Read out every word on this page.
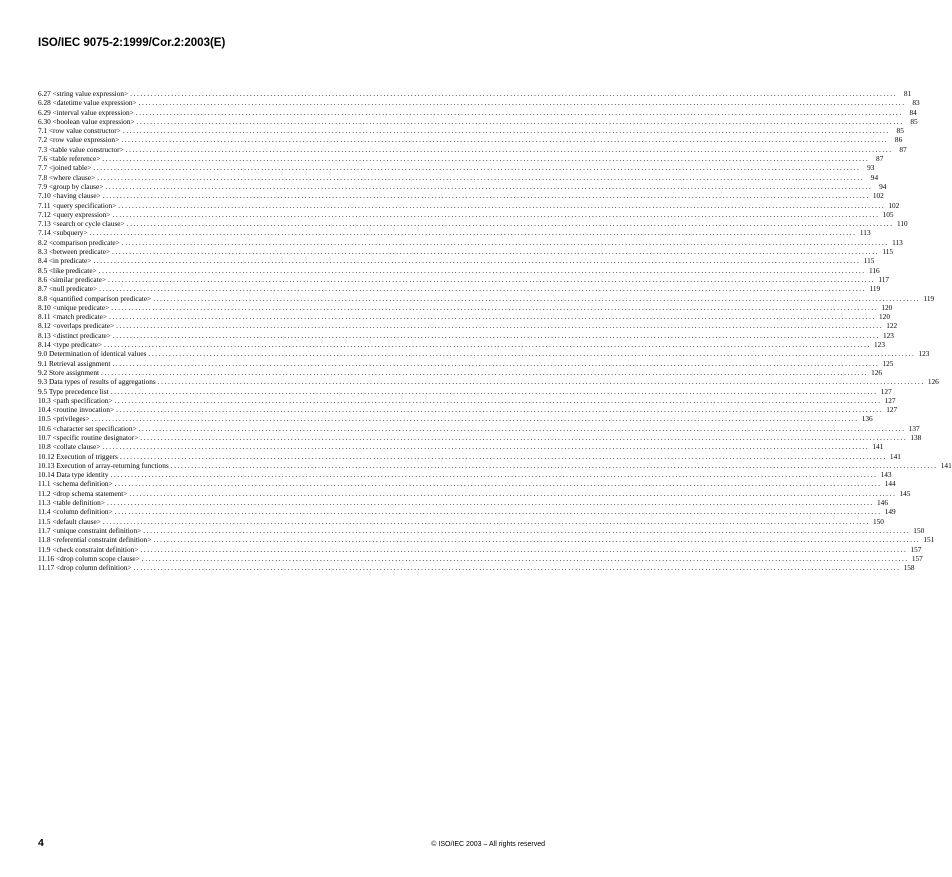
ISO/IEC 9075-2:1999/Cor.2:2003(E)
6.27 <string value expression> ................................................................................................................................................................................................................................ 81
6.28 <datetime value expression> ................................................................................................................................................................................................................................ 83
6.29 <interval value expression> ................................................................................................................................................................................................................................ 84
6.30 <boolean value expression> ................................................................................................................................................................................................................................ 85
7.1 <row value constructor> ................................................................................................................................................................................................................................ 85
7.2 <row value expression> ................................................................................................................................................................................................................................ 86
7.3 <table value constructor> ................................................................................................................................................................................................................................ 87
7.6 <table reference> ................................................................................................................................................................................................................................ 87
7.7 <joined table> ................................................................................................................................................................................................................................ 93
7.8 <where clause> ................................................................................................................................................................................................................................ 94
7.9 <group by clause> ................................................................................................................................................................................................................................ 94
7.10 <having clause> ................................................................................................................................................................................................................................ 102
7.11 <query specification> ................................................................................................................................................................................................................................ 102
7.12 <query expression> ................................................................................................................................................................................................................................ 105
7.13 <search or cycle clause> ................................................................................................................................................................................................................................ 110
7.14 <subquery> ................................................................................................................................................................................................................................ 113
8.2 <comparison predicate> ................................................................................................................................................................................................................................ 113
8.3 <between predicate> ................................................................................................................................................................................................................................ 115
8.4 <in predicate> ................................................................................................................................................................................................................................ 115
8.5 <like predicate> ................................................................................................................................................................................................................................ 116
8.6 <similar predicate> ................................................................................................................................................................................................................................ 117
8.7 <null predicate> ................................................................................................................................................................................................................................ 119
8.8 <quantified comparison predicate> ................................................................................................................................................................................................................................ 119
8.10 <unique predicate> ................................................................................................................................................................................................................................ 120
8.11 <match predicate> ................................................................................................................................................................................................................................ 120
8.12 <overlaps predicate> ................................................................................................................................................................................................................................ 122
8.13 <distinct predicate> ................................................................................................................................................................................................................................ 123
8.14 <type predicate> ................................................................................................................................................................................................................................ 123
9.0 Determination of identical values ................................................................................................................................................................................................................................ 123
9.1 Retrieval assignment ................................................................................................................................................................................................................................ 125
9.2 Store assignment ................................................................................................................................................................................................................................ 126
9.3 Data types of results of aggregations ................................................................................................................................................................................................................................ 126
9.5 Type precedence list ................................................................................................................................................................................................................................ 127
10.3 <path specification> ................................................................................................................................................................................................................................ 127
10.4 <routine invocation> ................................................................................................................................................................................................................................ 127
10.5 <privileges> ................................................................................................................................................................................................................................ 136
10.6 <character set specification> ................................................................................................................................................................................................................................ 137
10.7 <specific routine designator> ................................................................................................................................................................................................................................ 138
10.8 <collate clause> ................................................................................................................................................................................................................................ 141
10.12 Execution of triggers ................................................................................................................................................................................................................................ 141
10.13 Execution of array-returning functions ................................................................................................................................................................................................................................ 141
10.14 Data type identity ................................................................................................................................................................................................................................ 143
11.1 <schema definition> ................................................................................................................................................................................................................................ 144
11.2 <drop schema statement> ................................................................................................................................................................................................................................ 145
11.3 <table definition> ................................................................................................................................................................................................................................ 146
11.4 <column definition> ................................................................................................................................................................................................................................ 149
11.5 <default clause> ................................................................................................................................................................................................................................ 150
11.7 <unique constraint definition> ................................................................................................................................................................................................................................ 150
11.8 <referential constraint definition> ................................................................................................................................................................................................................................ 151
11.9 <check constraint definition> ................................................................................................................................................................................................................................ 157
11.16 <drop column scope clause> ................................................................................................................................................................................................................................ 157
11.17 <drop column definition> ................................................................................................................................................................................................................................ 158
4	© ISO/IEC 2003 – All rights reserved
